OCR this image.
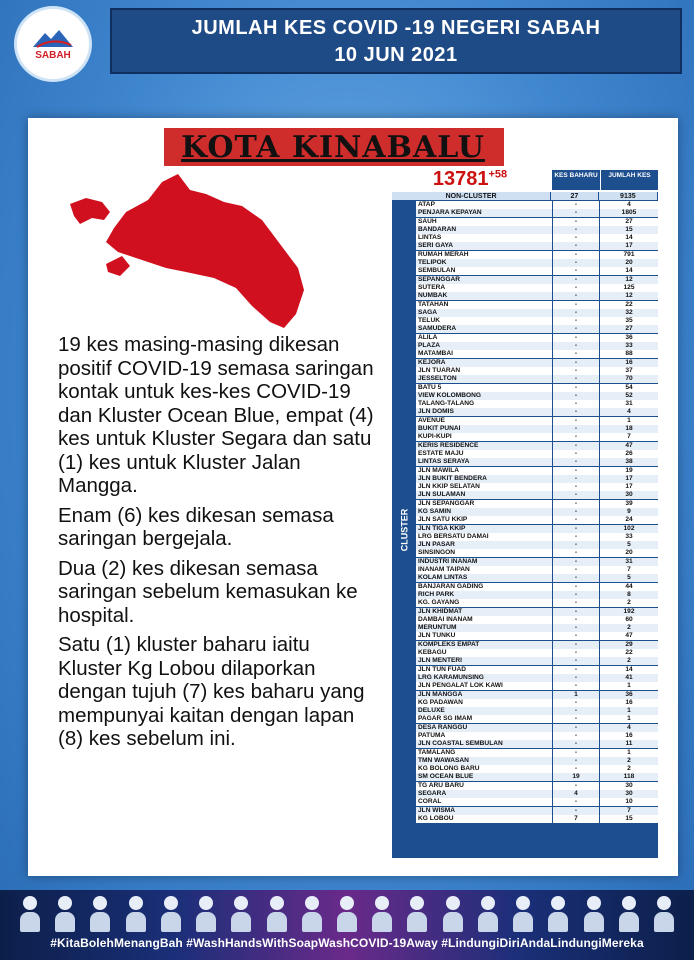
SABAH
JUMLAH KES COVID -19 NEGERI SABAH
10 JUN 2021
KOTA KINABALU

19 kes masing-masing dikesan positif COVID-19 semasa saringan kontak untuk kes-kes COVID-19 dan Kluster Ocean Blue, empat (4) kes untuk Kluster Segara dan satu (1) kes untuk Kluster Jalan Mangga.

Enam (6) kes dikesan semasa saringan bergejala.

Dua (2) kes dikesan semasa saringan sebelum kemasukan ke hospital.

Satu (1) kluster baharu iaitu Kluster Kg Lobou dilaporkan dengan tujuh (7) kes baharu yang mempunyai kaitan dengan lapan (8) kes sebelum ini.

$13781^{+58}$	KES BAHARU	JUMLAH KES
NON-CLUSTER	27	9135
CLUSTER
ATAP	-	4
PENJARA KEPAYAN	-	1805
SAUH	-	27
BANDARAN	-	15
LINTAS	-	14
SERI GAYA	-	17
RUMAH MERAH	-	791
TELIPOK	-	20
SEMBULAN	-	14
SEPANGGAR	-	12
SUTERA	-	125
NUMBAK	-	12
TATAHAN	-	22
SAGA	-	32
TELUK	-	35
SAMUDERA	-	27
ALILA	-	36
PLAZA	-	33
MATAMBAI	-	88
KEJORA	-	16
JLN TUARAN	-	37
JESSELTON	-	70
BATU 5	-	54
VIEW KOLOMBONG	-	52
TALANG-TALANG	-	31
JLN DOMIS	-	4
AVENUE	-	1
BUKIT PUNAI	-	18
KUPI-KUPI	-	7
KERIS RESIDENCE	-	47
ESTATE MAJU	-	26
LINTAS SERAYA	-	38
JLN MAWILA	-	19
JLN BUKIT BENDERA	-	17
JLN KKIP SELATAN	-	17
JLN SULAMAN	-	30
JLN SEPANGGAR	-	39
KG SAMIN	-	9
JLN SATU KKIP	-	24
JLN TIGA KKIP	-	102
LRG BERSATU DAMAI	-	33
JLN PASAR	-	5
SINSINGON	-	20
INDUSTRI INANAM	-	31
INANAM TAIPAN	-	7
KOLAM LINTAS	-	5
BANJARAN GADING	-	44
RICH PARK	-	8
KG. GAYANG	-	2
JLN KHIDMAT	-	192
DAMBAI INANAM	-	60
MERUNTUM	-	2
JLN TUNKU	-	47
KOMPLEKS EMPAT	-	29
KEBAGU	-	22
JLN MENTERI	-	2
JLN TUN FUAD	-	14
LRG KARAMUNSING	-	41
JLN PENGALAT LOK KAWI	-	1
JLN MANGGA	1	36
KG PADAWAN	-	16
DELUXE	-	1
PAGAR SG IMAM	-	1
DESA RANGGU	-	4
PATUMA	-	16
JLN COASTAL SEMBULAN	-	11
TAMALANG	-	1
TMN WAWASAN	-	2
KG BOLONG BARU	-	2
SM OCEAN BLUE	19	118
TG ARU BARU	-	30
SEGARA	4	30
CORAL	-	10
JLN WISMA	-	7
KG LOBOU	7	15
#KitaBolehMenangBah #WashHandsWithSoapWashCOVID-19Away #LindungiDiriAndaLindungiMereka
